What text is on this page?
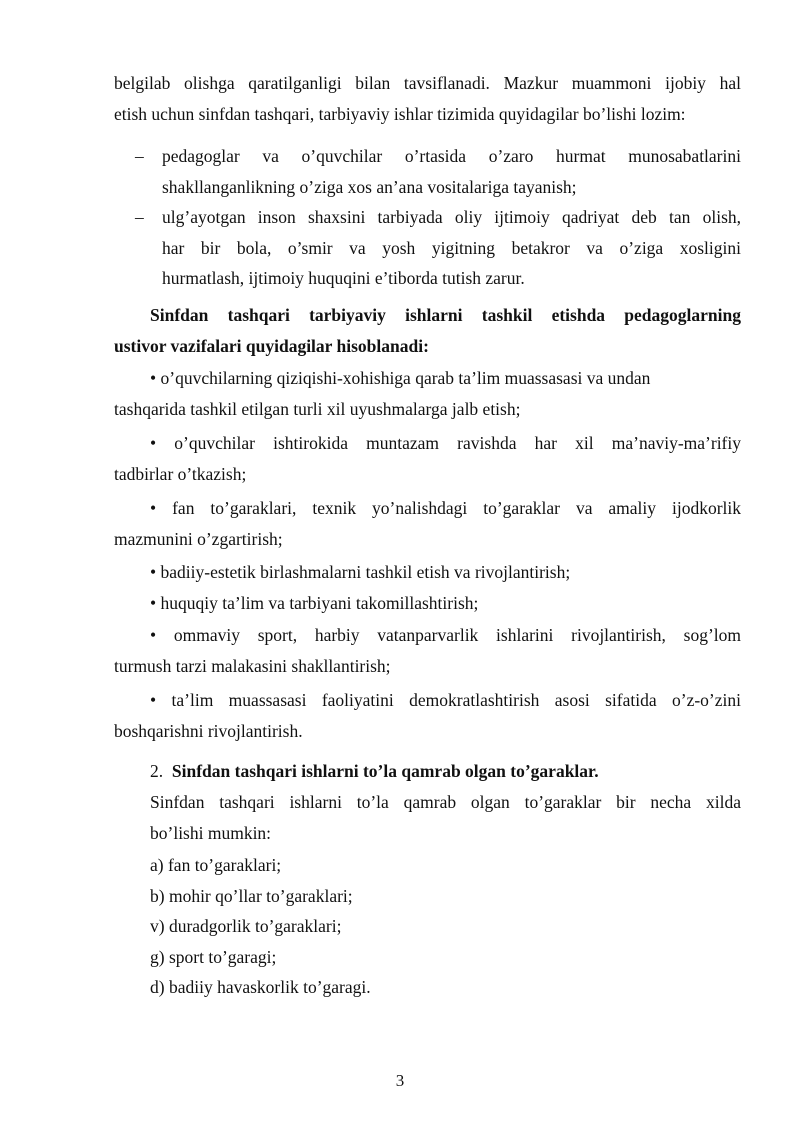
belgilab olishga qaratilganligi bilan tavsiflanadi. Mazkur muammoni ijobiy hal
etish uchun sinfdan tashqari, tarbiyaviy ishlar tizimida quyidagilar bo’lishi lozim:
– pedagoglar va o’quvchilar o’rtasida o’zaro hurmat munosabatlarini
shakllanganlikning o’ziga xos an’ana vositalariga tayanish;
– ulg’ayotgan inson shaxsini tarbiyada oliy ijtimoiy qadriyat deb tan olish,
har bir bola, o’smir va yosh yigitning betakror va o’ziga xosligini
hurmatlash, ijtimoiy huquqini e’tiborda tutish zarur.
Sinfdan tashqari tarbiyaviy ishlarni tashkil etishda pedagoglarning
ustivor vazifalari quyidagilar hisoblanadi:
• o’quvchilarning qiziqishi-xohishiga qarab ta’lim muassasasi va undan
tashqarida tashkil etilgan turli xil uyushmalarga jalb etish;
• o’quvchilar ishtirokida muntazam ravishda har xil ma’naviy-ma’rifiy
tadbirlar o’tkazish;
• fan to’garaklari, texnik yo’nalishdagi to’garaklar va amaliy ijodkorlik
mazmunini o’zgartirish;
• badiiy-estetik birlashmalarni tashkil etish va rivojlantirish;
• huquqiy ta’lim va tarbiyani takomillashtirish;
• ommaviy sport, harbiy vatanparvarlik ishlarini rivojlantirish, sog’lom
turmush tarzi malakasini shakllantirish;
• ta’lim muassasasi faoliyatini demokratlashtirish asosi sifatida o’z-o’zini
boshqarishni rivojlantirish.
2. Sinfdan tashqari ishlarni to’la qamrab olgan to’garaklar.
Sinfdan tashqari ishlarni to’la qamrab olgan to’garaklar bir necha xilda
bo’lishi mumkin:
a) fan to’garaklari;
b) mohir qo’llar to’garaklari;
v) duradgorlik to’garaklari;
g) sport to’garagi;
d) badiiy havaskorlik to’garagi.
3
